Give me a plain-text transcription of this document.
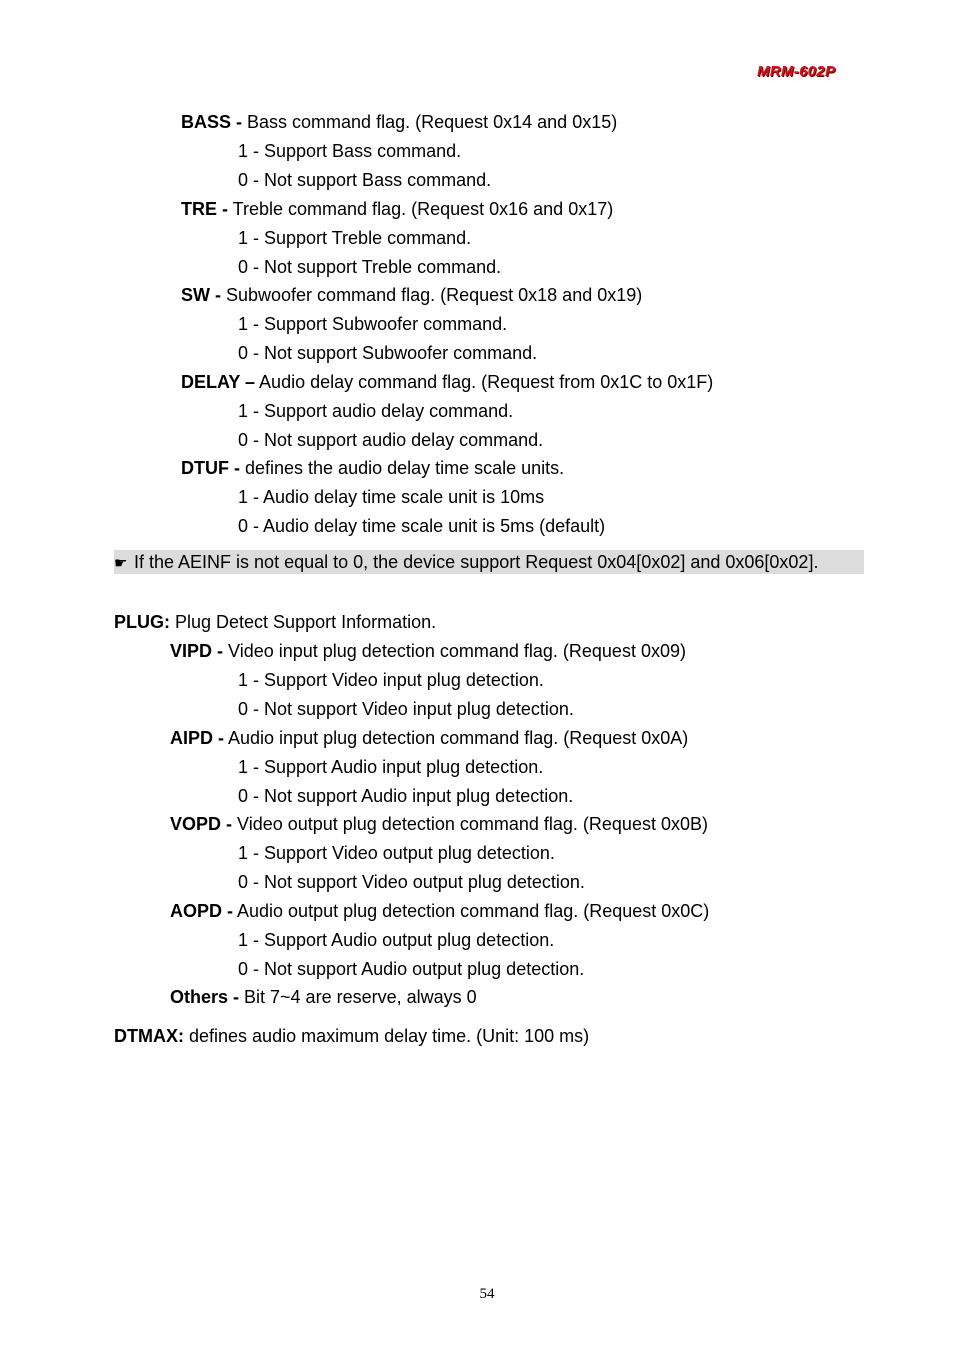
MRM-602P
BASS - Bass command flag. (Request 0x14 and 0x15)
1 - Support Bass command.
0 - Not support Bass command.
TRE - Treble command flag. (Request 0x16 and 0x17)
1 - Support Treble command.
0 - Not support Treble command.
SW - Subwoofer command flag. (Request 0x18 and 0x19)
1 - Support Subwoofer command.
0 - Not support Subwoofer command.
DELAY – Audio delay command flag. (Request from 0x1C to 0x1F)
1 - Support audio delay command.
0 - Not support audio delay command.
DTUF - defines the audio delay time scale units.
1 - Audio delay time scale unit is 10ms
0 - Audio delay time scale unit is 5ms (default)
☛ If the AEINF is not equal to 0, the device support Request 0x04[0x02] and 0x06[0x02].
PLUG: Plug Detect Support Information.
VIPD - Video input plug detection command flag. (Request 0x09)
1 - Support Video input plug detection.
0 - Not support Video input plug detection.
AIPD - Audio input plug detection command flag. (Request 0x0A)
1 - Support Audio input plug detection.
0 - Not support Audio input plug detection.
VOPD - Video output plug detection command flag. (Request 0x0B)
1 - Support Video output plug detection.
0 - Not support Video output plug detection.
AOPD - Audio output plug detection command flag. (Request 0x0C)
1 - Support Audio output plug detection.
0 - Not support Audio output plug detection.
Others - Bit 7~4 are reserve, always 0
DTMAX: defines audio maximum delay time. (Unit: 100 ms)
54
